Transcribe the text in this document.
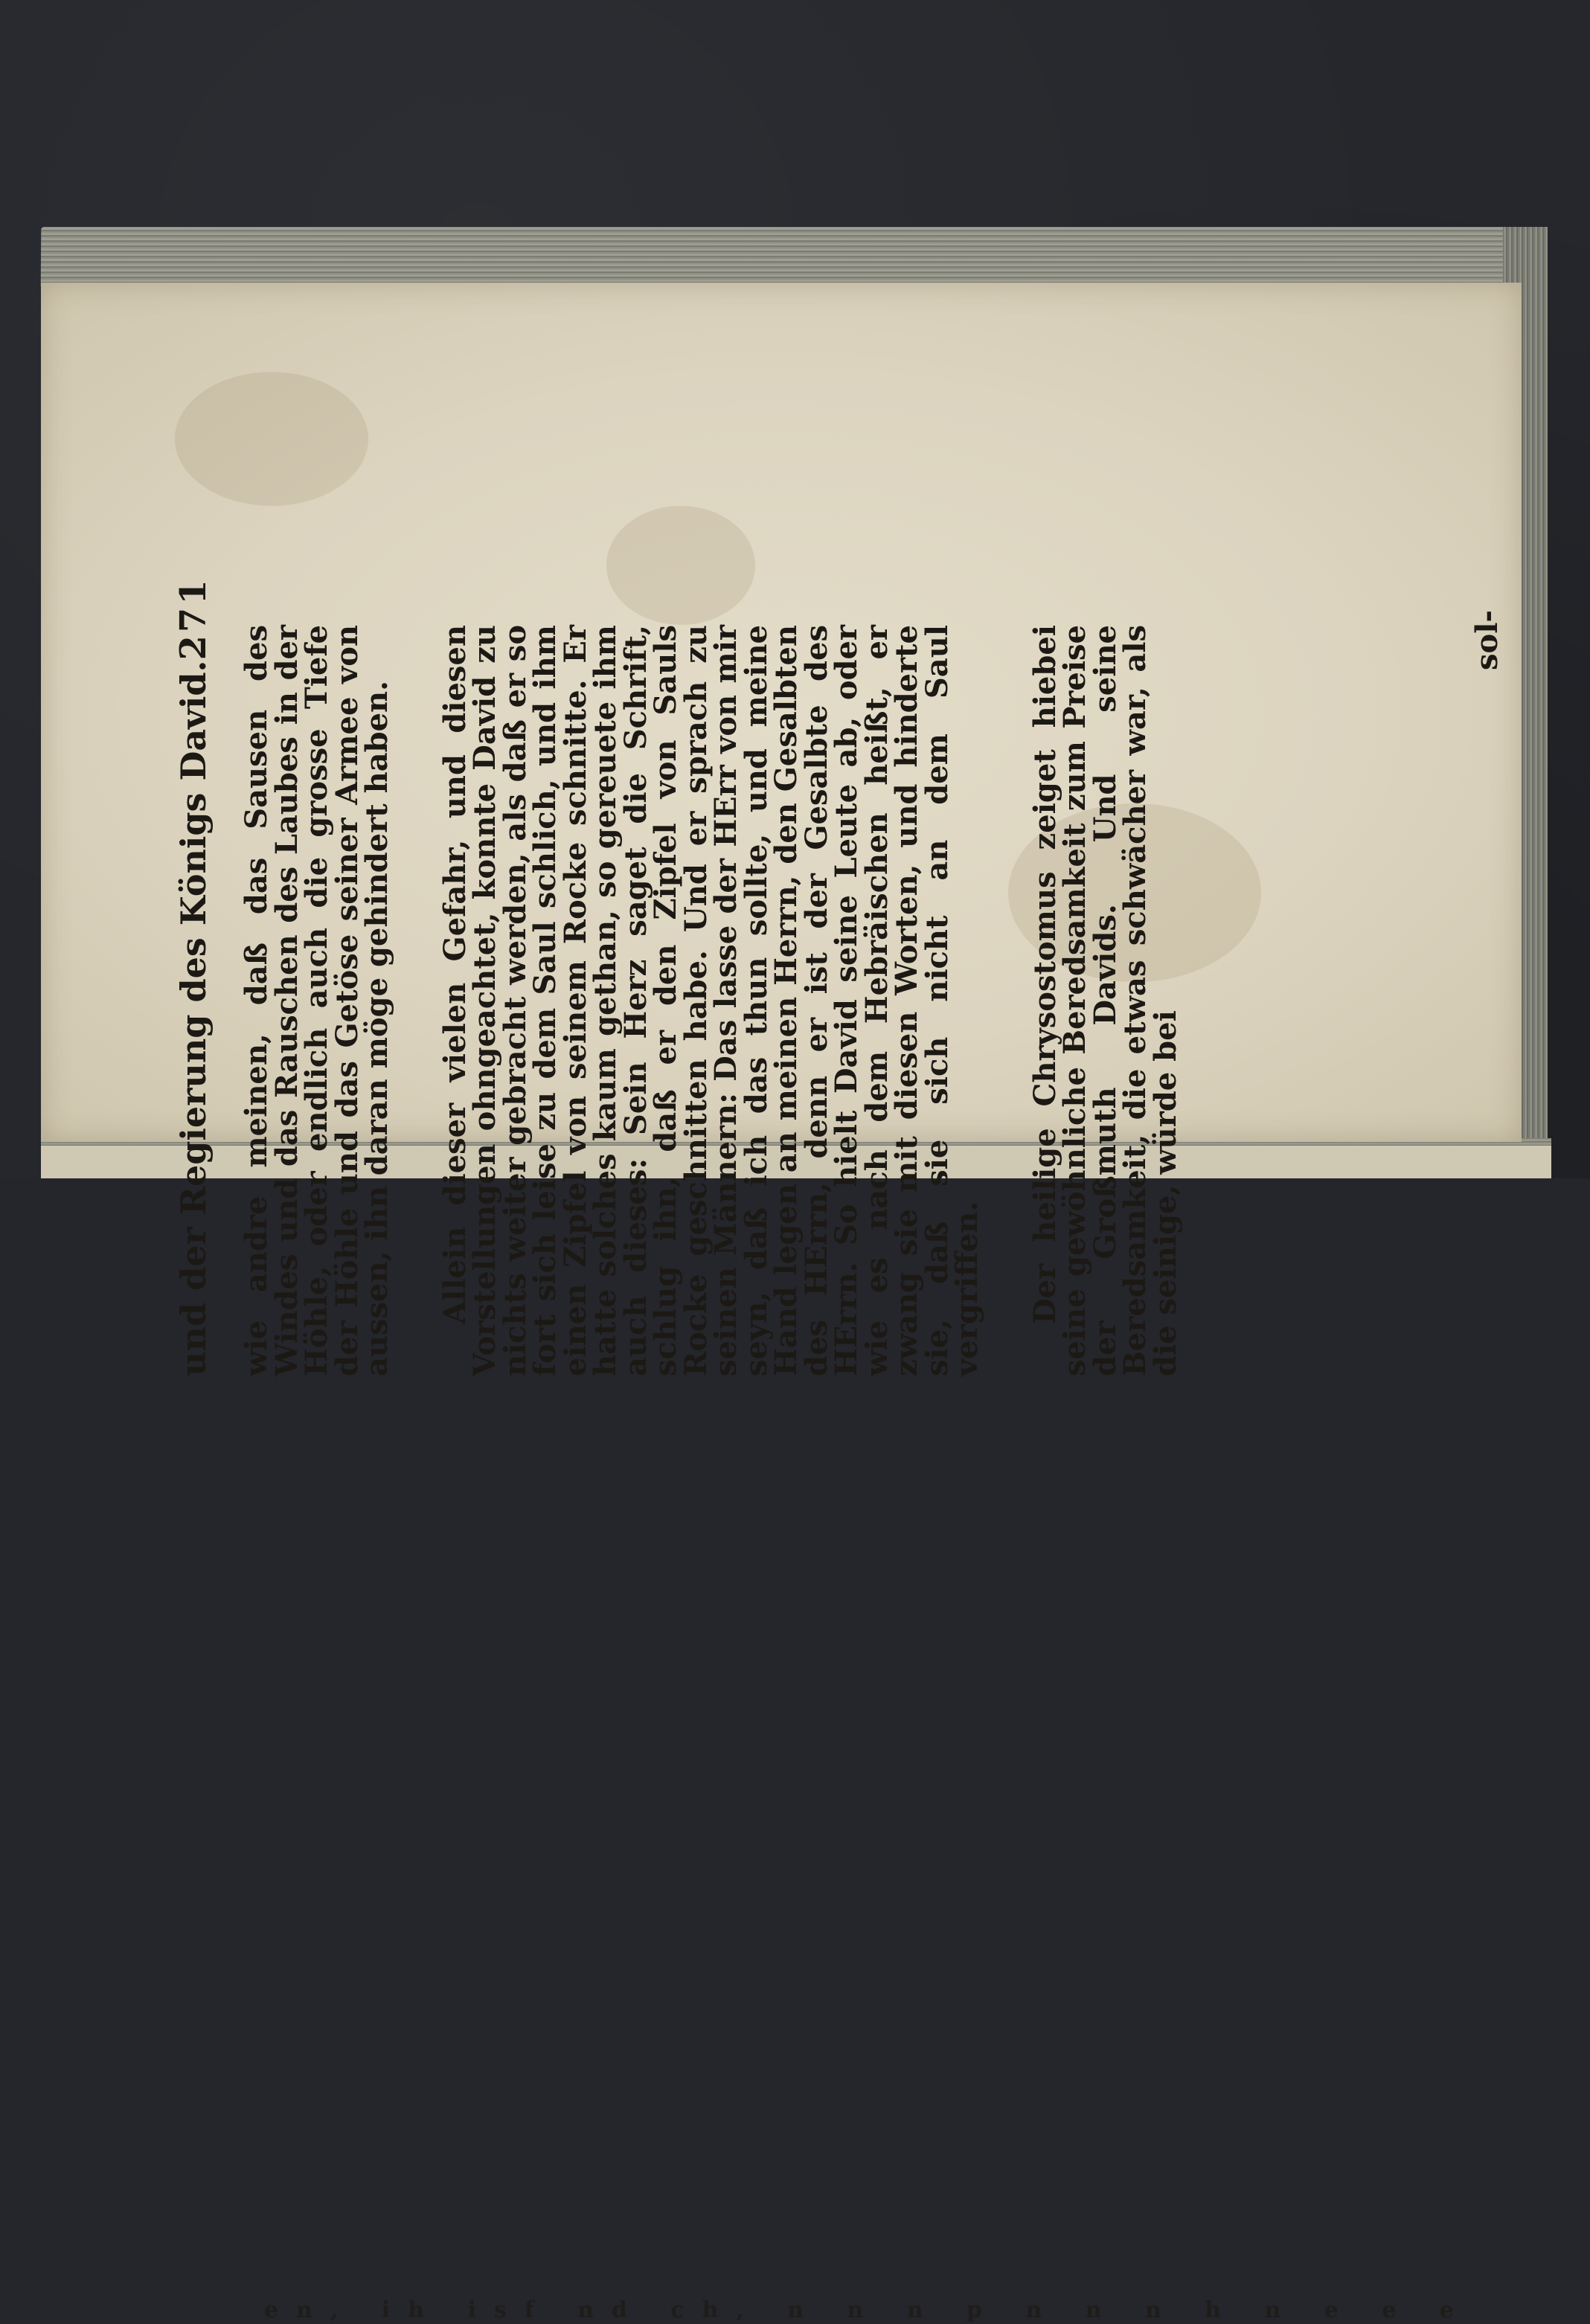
en, ih isf nd ch, n n n p n n n h n e e e
und der Regierung des Königs David.
271

wie andre meinen, daß das Sausen des Windes und das Rauschen des Laubes in der Höhle, oder endlich auch die grosse Tiefe der Höhle und das Getöse seiner Armee von aussen, ihn daran möge gehindert haben. Allein dieser vielen Gefahr, und diesen Vorstellungen ohngeachtet, konnte David zu nichts weiter gebracht werden, als daß er so fort sich leise zu dem Saul schlich, und ihm einen Zipfel von seinem Rocke schnitte. Er hatte solches kaum gethan, so gereuete ihm auch dieses: Sein Herz saget die Schrift, schlug ihn, daß er den Zipfel von Sauls Rocke geschnitten habe. Und er sprach zu seinen Männern: Das lasse der HErr von mir seyn, daß ich das thun sollte, und meine Hand legen an meinen Herrn, den Gesalbten des HErrn, denn er ist der Gesalbte des HErrn. So hielt David seine Leute ab, oder wie es nach dem Hebräischen heißt, er zwang sie mit diesen Worten, und hinderte sie, daß sie sich nicht an dem Saul vergriffen. Der heilige Chrysostomus zeiget hiebei seine gewöhnliche Beredsamkeit zum Preise der Großmuth Davids. Und seine Beredsamkeit, die etwas schwächer war, als die seinige, würde bei

sol-
